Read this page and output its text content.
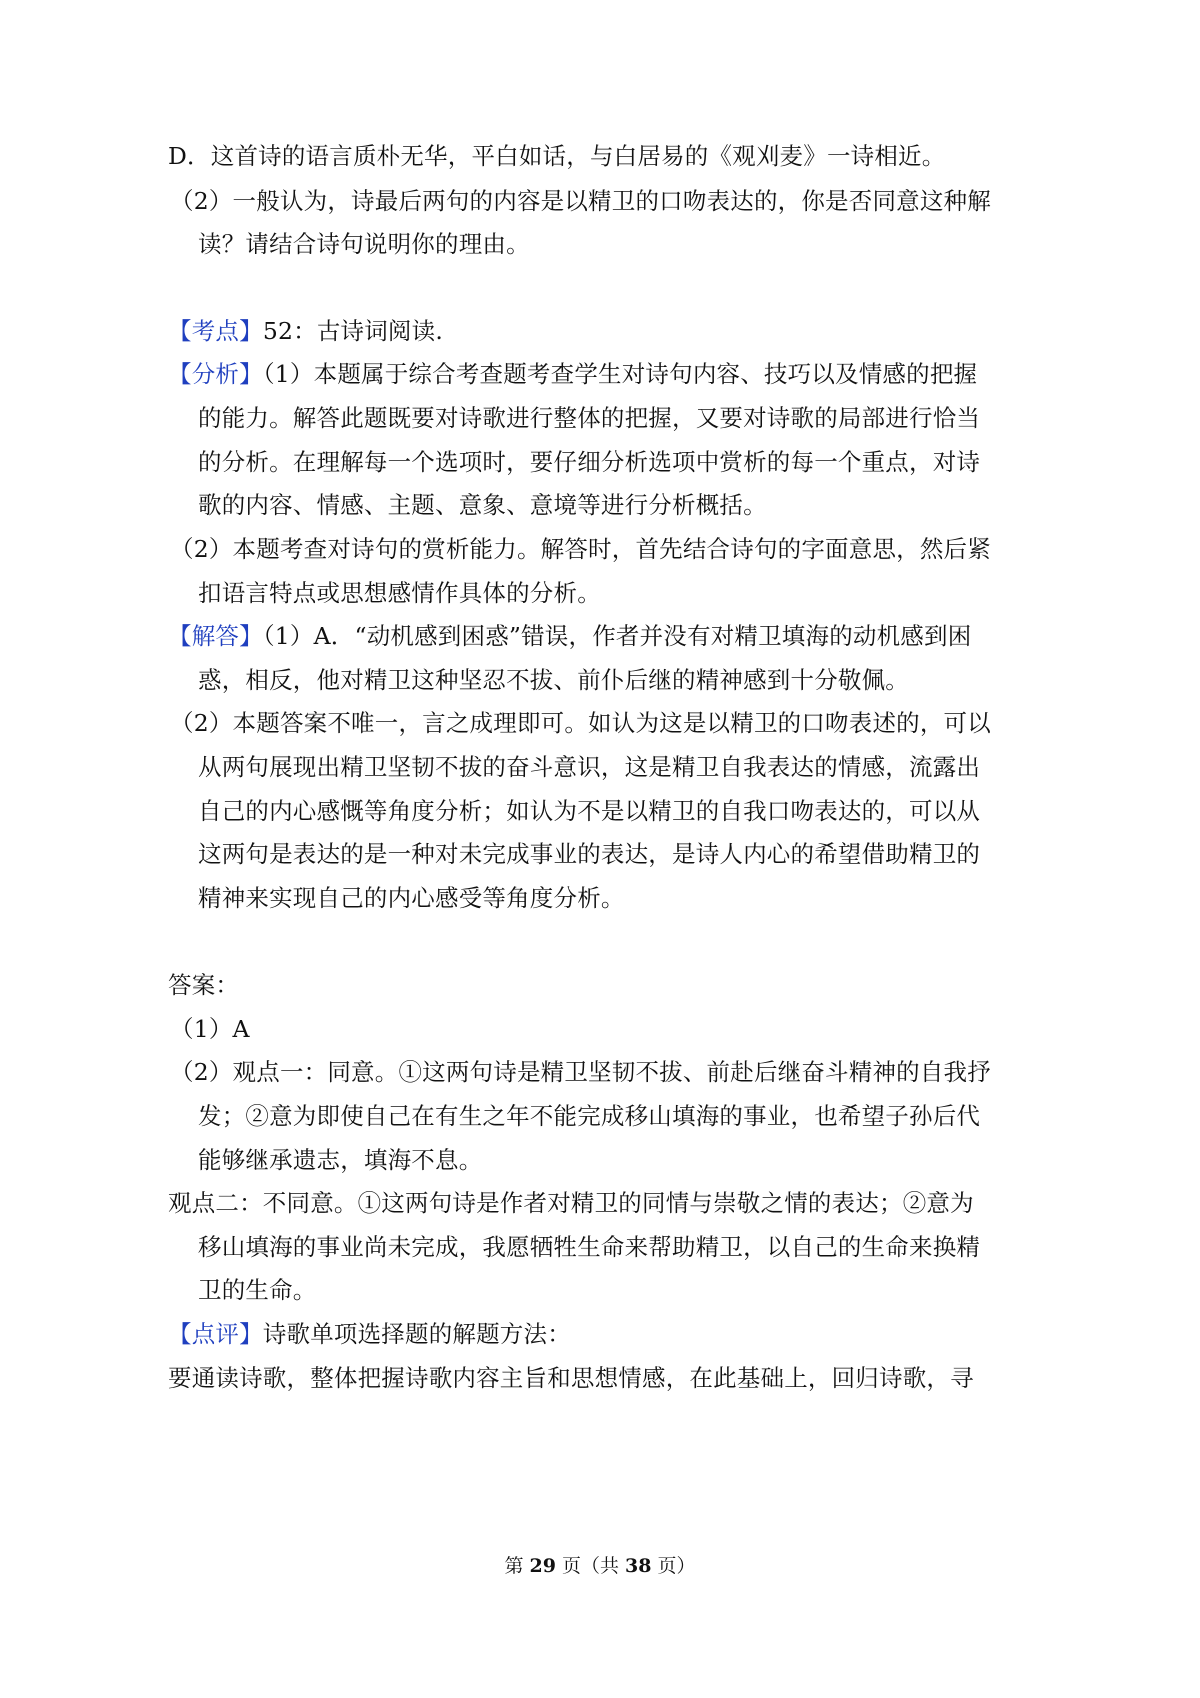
D．这首诗的语言质朴无华，平白如话，与白居易的《观刈麦》一诗相近。
（2）一般认为，诗最后两句的内容是以精卫的口吻表达的，你是否同意这种解
读？请结合诗句说明你的理由。
【考点】52：古诗词阅读.
【分析】（1）本题属于综合考查题考查学生对诗句内容、技巧以及情感的把握
的能力。解答此题既要对诗歌进行整体的把握，又要对诗歌的局部进行恰当
的分析。在理解每一个选项时，要仔细分析选项中赏析的每一个重点，对诗
歌的内容、情感、主题、意象、意境等进行分析概括。
（2）本题考查对诗句的赏析能力。解答时，首先结合诗句的字面意思，然后紧
扣语言特点或思想感情作具体的分析。
【解答】（1）A．“动机感到困惑”错误，作者并没有对精卫填海的动机感到困
惑，相反，他对精卫这种坚忍不拔、前仆后继的精神感到十分敬佩。
（2）本题答案不唯一，言之成理即可。如认为这是以精卫的口吻表述的，可以
从两句展现出精卫坚韧不拔的奋斗意识，这是精卫自我表达的情感，流露出
自己的内心感慨等角度分析；如认为不是以精卫的自我口吻表达的，可以从
这两句是表达的是一种对未完成事业的表达，是诗人内心的希望借助精卫的
精神来实现自己的内心感受等角度分析。
答案：
（1）A
（2）观点一：同意。①这两句诗是精卫坚韧不拔、前赴后继奋斗精神的自我抒
发；②意为即使自己在有生之年不能完成移山填海的事业，也希望子孙后代
能够继承遗志，填海不息。
观点二：不同意。①这两句诗是作者对精卫的同情与崇敬之情的表达；②意为
移山填海的事业尚未完成，我愿牺牲生命来帮助精卫，以自己的生命来换精
卫的生命。
【点评】诗歌单项选择题的解题方法：
要通读诗歌，整体把握诗歌内容主旨和思想情感，在此基础上，回归诗歌，寻
第 29 页（共 38 页）
